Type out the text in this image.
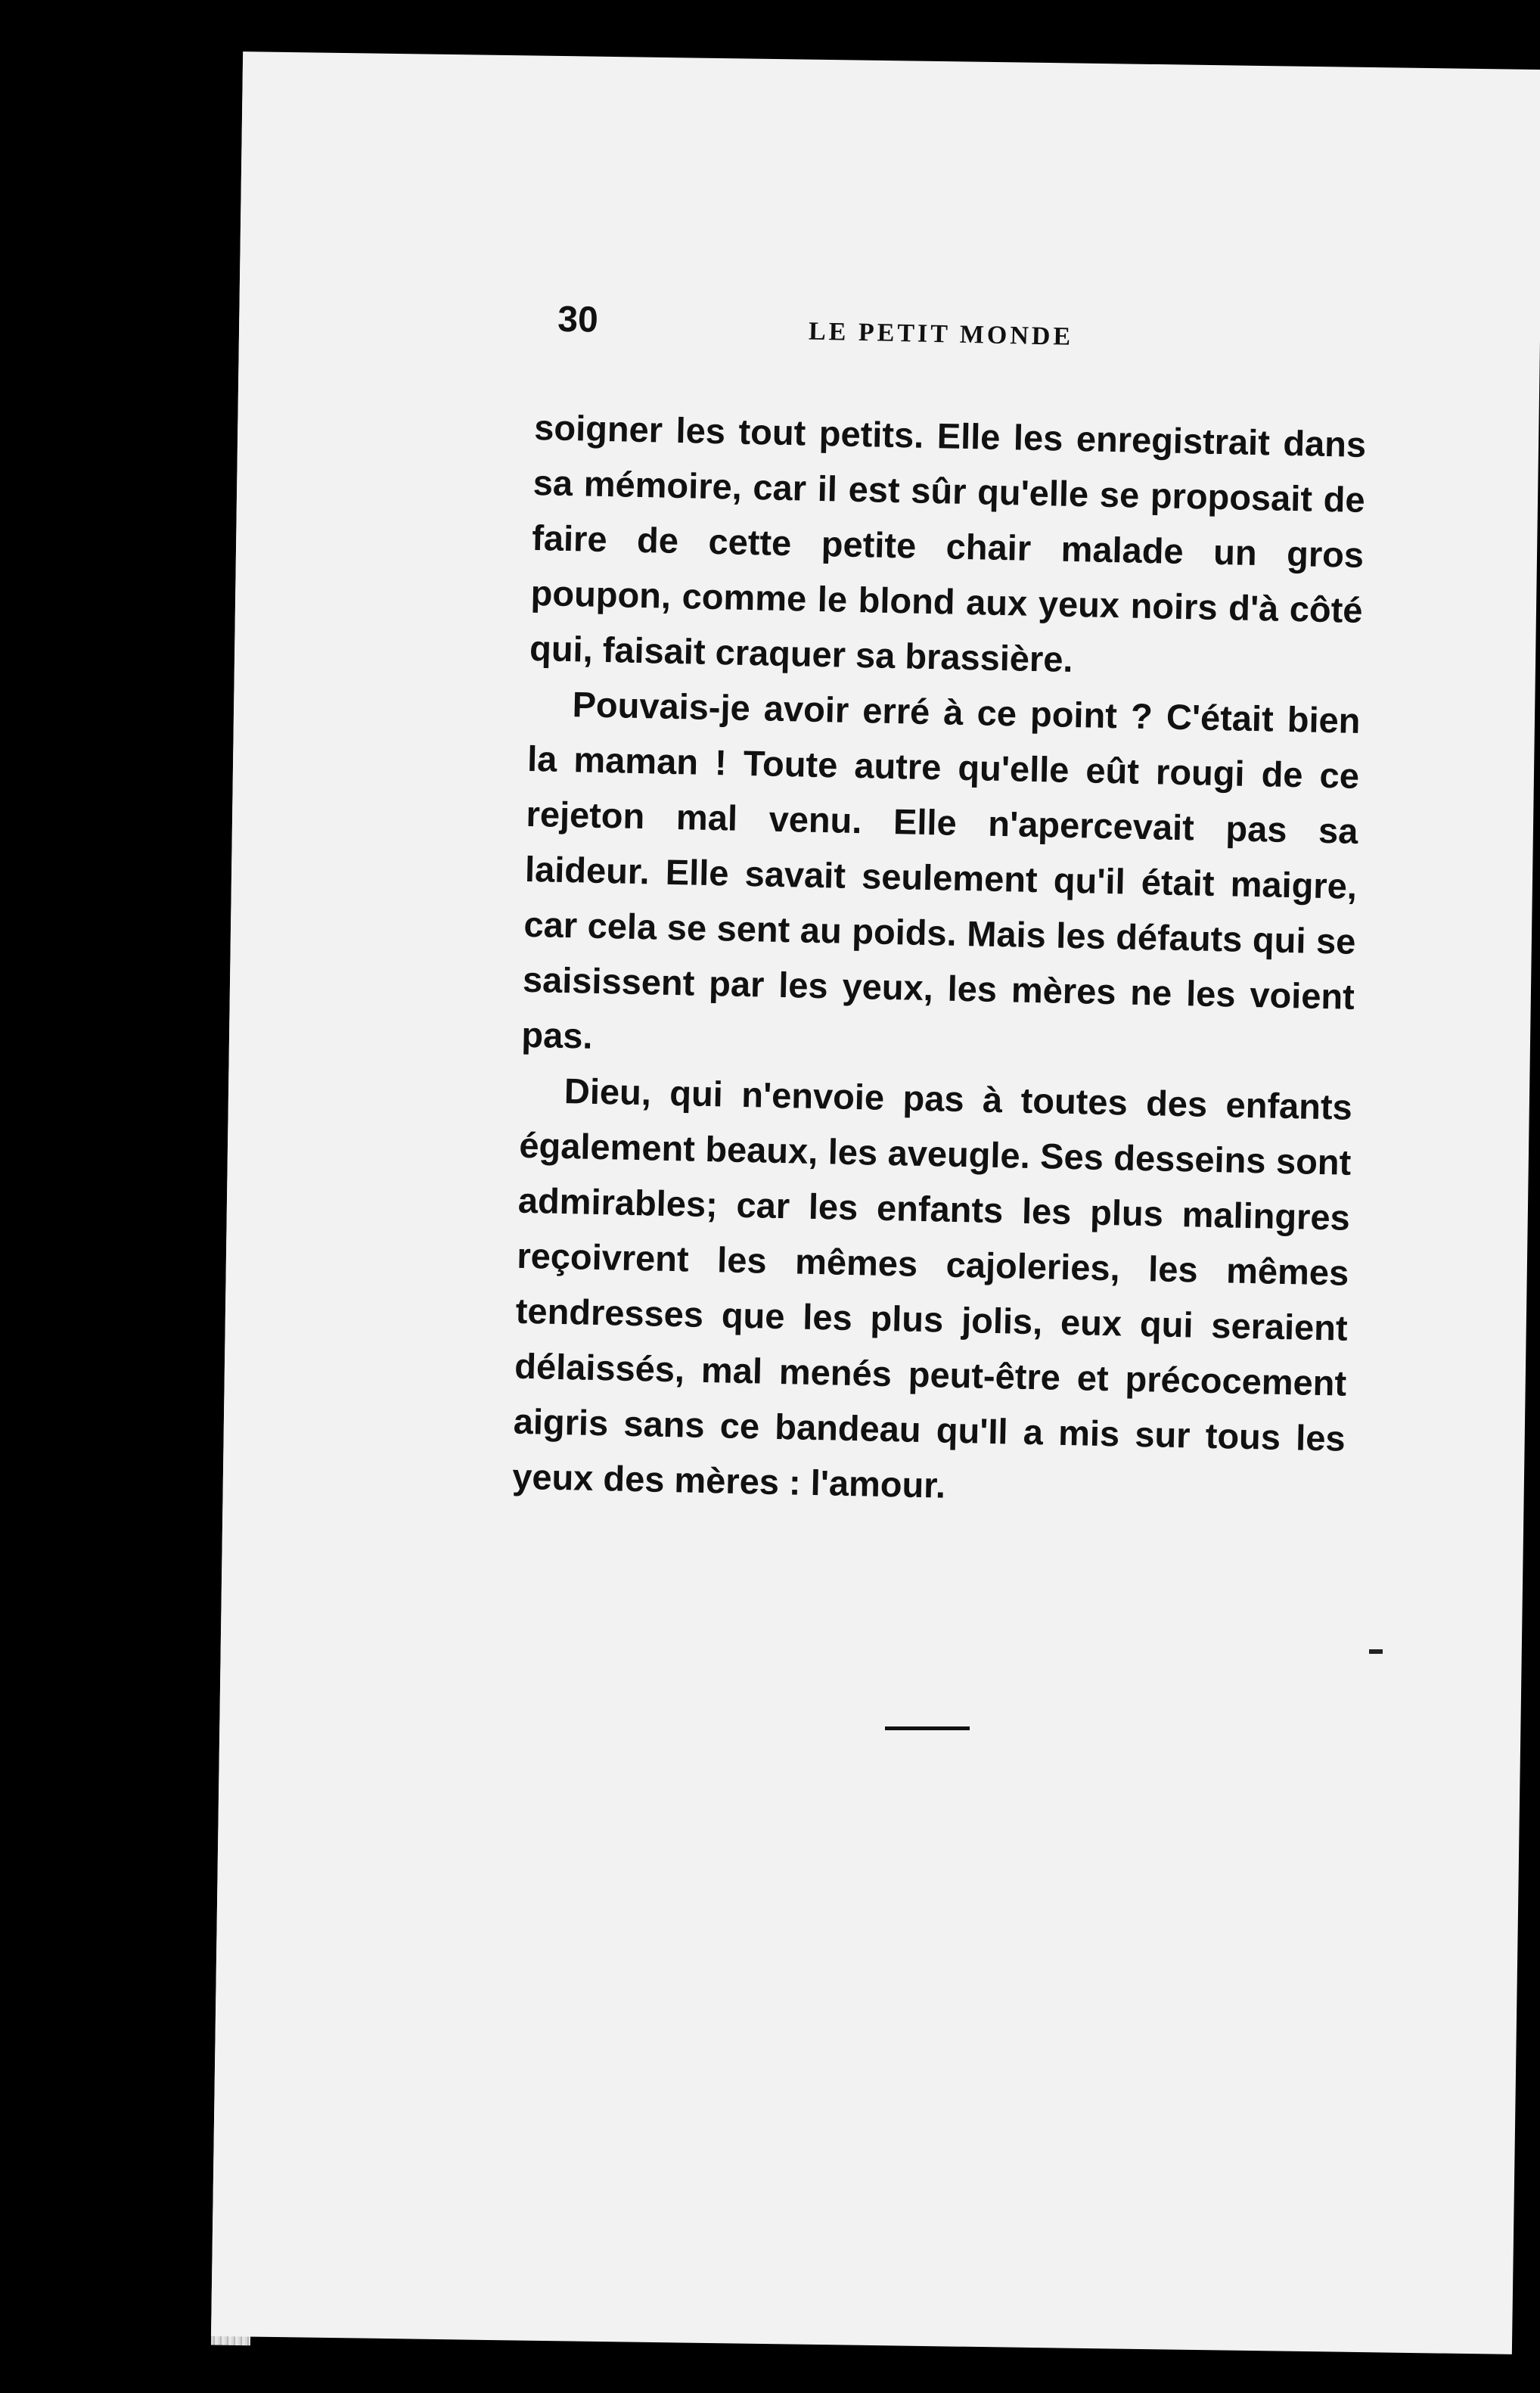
30	LE PETIT MONDE

soigner les tout petits. Elle les enregistrait dans sa mémoire, car il est sûr qu'elle se proposait de faire de cette petite chair malade un gros poupon, comme le blond aux yeux noirs d'à côté qui, faisait craquer sa brassière.

Pouvais-je avoir erré à ce point ? C'était bien la maman ! Toute autre qu'elle eût rougi de ce rejeton mal venu. Elle n'apercevait pas sa laideur. Elle savait seulement qu'il était maigre, car cela se sent au poids. Mais les défauts qui se saisissent par les yeux, les mères ne les voient pas.

Dieu, qui n'envoie pas à toutes des enfants également beaux, les aveugle. Ses desseins sont admirables; car les enfants les plus malingres reçoivrent les mêmes cajoleries, les mêmes tendresses que les plus jolis, eux qui seraient délaissés, mal menés peut-être et précocement aigris sans ce bandeau qu'Il a mis sur tous les yeux des mères : l'amour.
